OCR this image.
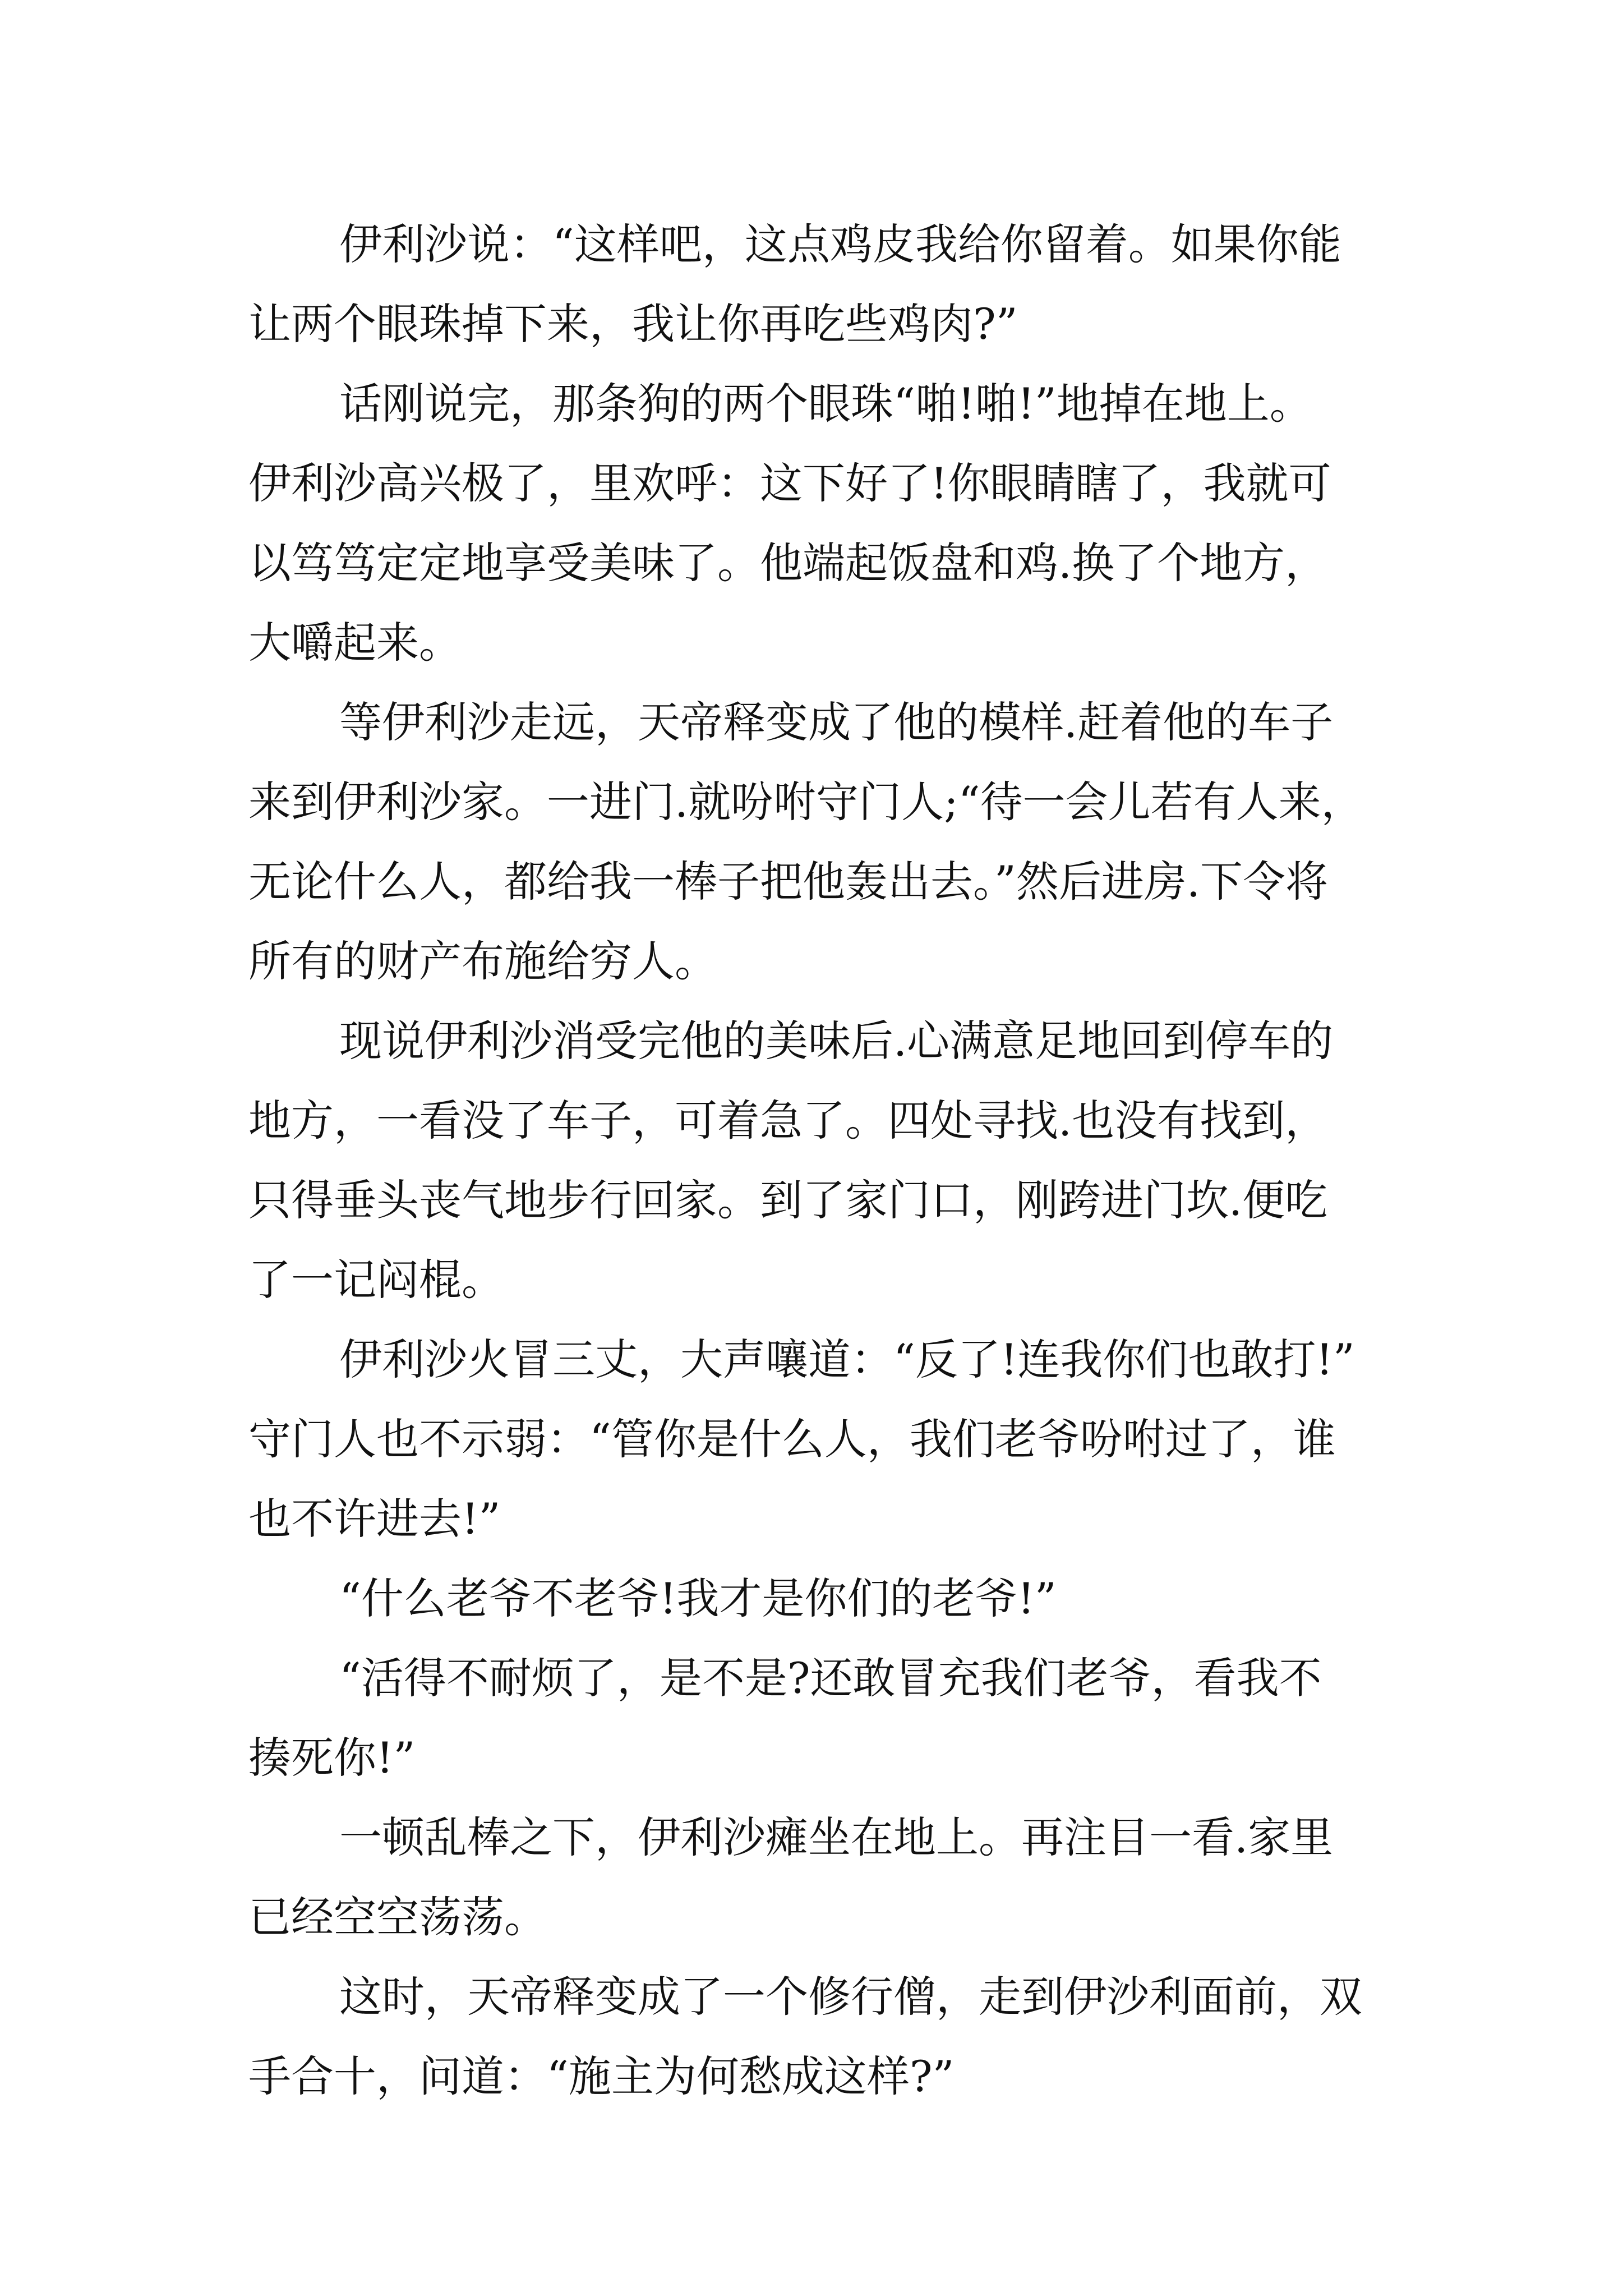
伊利沙说：“这样吧，这点鸡皮我给你留着。如果你能

让两个眼珠掉下来，我让你再吃些鸡肉?”

话刚说完，那条狗的两个眼珠“啪!啪!”地掉在地上。

伊利沙高兴极了，里欢呼：这下好了!你眼睛瞎了，我就可

以笃笃定定地享受美味了。他端起饭盘和鸡.换了个地方，

大嚼起来。

等伊利沙走远，天帝释变成了他的模样.赶着他的车子

来到伊利沙家。一进门.就吩咐守门人;“待一会儿若有人来，

无论什么人，都给我一棒子把他轰出去。”然后进房.下令将

所有的财产布施给穷人。

现说伊利沙消受完他的美味后.心满意足地回到停车的

地方，一看没了车子，可着急了。四处寻找.也没有找到，

只得垂头丧气地步行回家。到了家门口，刚跨进门坎.便吃

了一记闷棍。

伊利沙火冒三丈，大声嚷道：“反了!连我你们也敢打!”

守门人也不示弱：“管你是什么人，我们老爷吩咐过了，谁

也不许进去!”

“什么老爷不老爷!我才是你们的老爷!”

“活得不耐烦了，是不是?还敢冒充我们老爷，看我不

揍死你!”

一顿乱棒之下，伊利沙瘫坐在地上。再注目一看.家里

已经空空荡荡。

这时，天帝释变成了一个修行僧，走到伊沙利面前，双

手合十，问道：“施主为何愁成这样?”
